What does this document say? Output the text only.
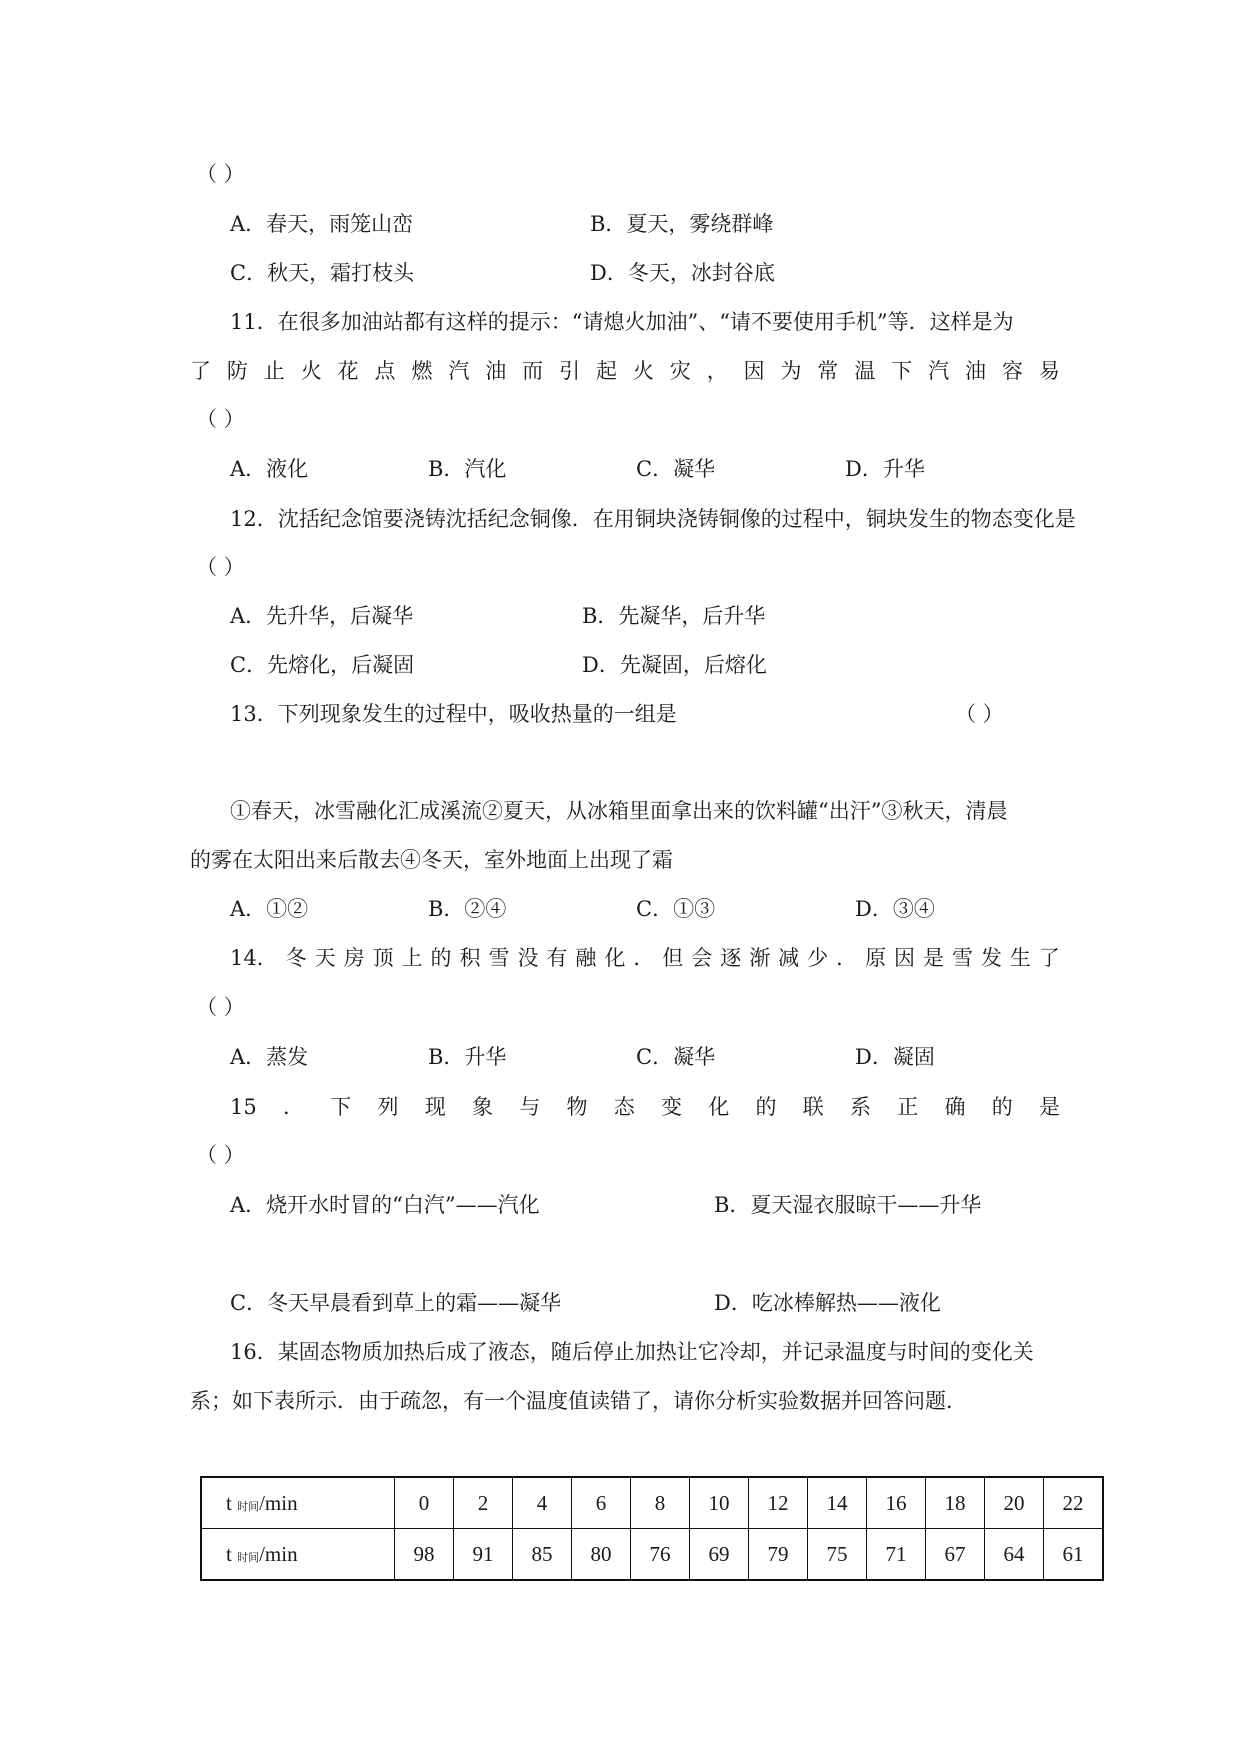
（ ）
A．春天，雨笼山峦	B．夏天，雾绕群峰
C．秋天，霜打枝头	D．冬天，冰封谷底
11．在很多加油站都有这样的提示：“请熄火加油”、“请不要使用手机”等．这样是为
了 防 止 火 花 点 燃 汽 油 而 引 起 火 灾 ， 因 为 常 温 下 汽 油 容 易
（ ）
A．液化	B．汽化	C．凝华	D．升华
12．沈括纪念馆要浇铸沈括纪念铜像．在用铜块浇铸铜像的过程中，铜块发生的物态变化是
（ ）
A．先升华，后凝华	B．先凝华，后升华
C．先熔化，后凝固	D．先凝固，后熔化
13．下列现象发生的过程中，吸收热量的一组是	（ ）
①春天，冰雪融化汇成溪流②夏天，从冰箱里面拿出来的饮料罐“出汗”③秋天，清晨
的雾在太阳出来后散去④冬天，室外地面上出现了霜
A．①②	B．②④	C．①③	D．③④
14． 冬 天 房 顶 上 的 积 雪 没 有 融 化 ． 但 会 逐 渐 减 少 ． 原 因 是 雪 发 生 了
（ ）
A．蒸发	B．升华	C．凝华	D．凝固
15 ． 下 列 现 象 与 物 态 变 化 的 联 系 正 确 的 是
（ ）
A．烧开水时冒的“白汽”——汽化	B．夏天湿衣服晾干——升华
C．冬天早晨看到草上的霜——凝华	D．吃冰棒解热——液化
16．某固态物质加热后成了液态，随后停止加热让它冷却，并记录温度与时间的变化关
系；如下表所示．由于疏忽，有一个温度值读错了，请你分析实验数据并回答问题．
t 时间/min	0	2	4	6	8	10	12	14	16	18	20	22
t 时间/min	98	91	85	80	76	69	79	75	71	67	64	61
